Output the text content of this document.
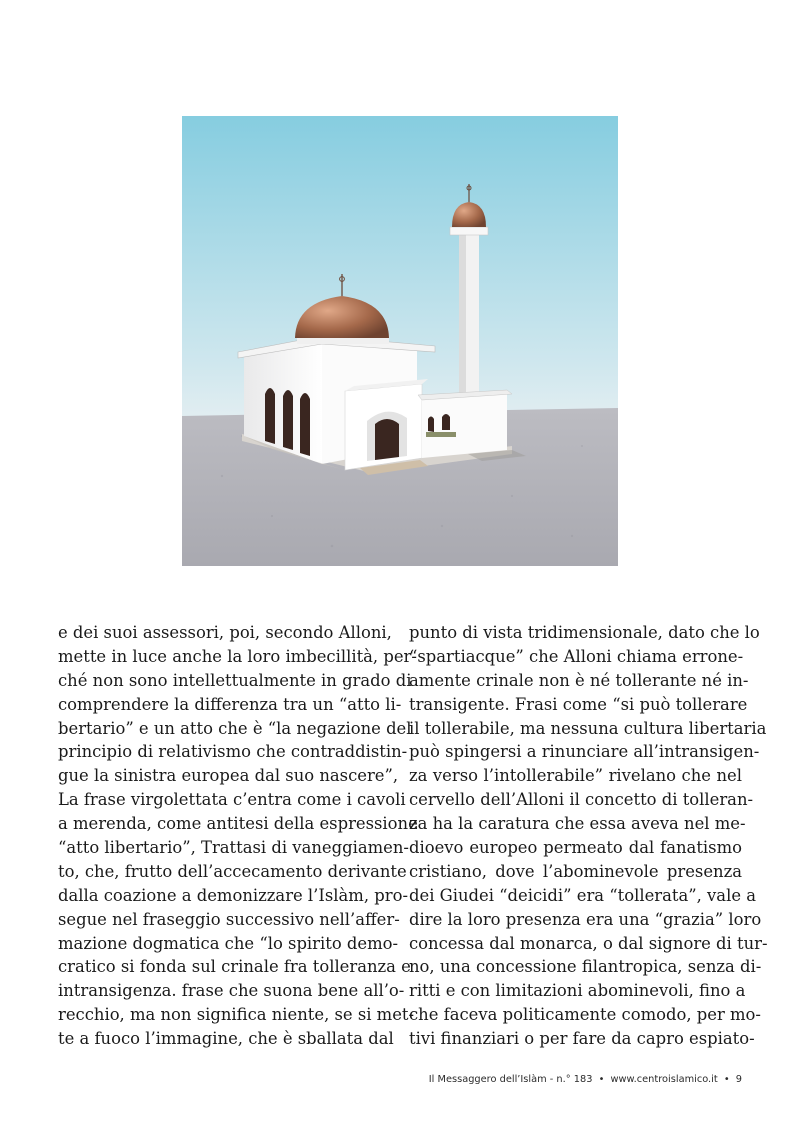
e dei suoi assessori, poi, secondo Alloni,
mette in luce anche la loro imbecillità, per-
ché non sono intellettualmente in grado di
comprendere la differenza tra un “atto li-
bertario” e un atto che è “la negazione del
principio di relativismo che contraddistin-
gue la sinistra europea dal suo nascere”,
La frase virgolettata c’entra come i cavoli
a merenda, come antitesi della espressione
“atto libertario”, Trattasi di vaneggiamen-
to, che, frutto dell’accecamento derivante
dalla coazione a demonizzare l’Islàm, pro-
segue nel fraseggio successivo nell’affer-
mazione dogmatica che “lo spirito demo-
cratico si fonda sul crinale fra tolleranza e
intransigenza. frase che suona bene all’o-
recchio, ma non significa niente, se si met-
te a fuoco l’immagine, che è sballata dal
punto di vista tridimensionale, dato che lo
“spartiacque” che Alloni chiama errone-
amente crinale non è né tollerante né in-
transigente. Frasi come “si può tollerare
il tollerabile, ma nessuna cultura libertaria
può spingersi a rinunciare all’intransigen-
za verso l’intollerabile” rivelano che nel
cervello dell’Alloni il concetto di tolleran-
za ha la caratura che essa aveva nel me-
dioevo europeo permeato dal fanatismo
cristiano, dove l’abominevole presenza
dei Giudei “deicidi” era “tollerata”, vale a
dire la loro presenza era una “grazia” loro
concessa dal monarca, o dal signore di tur-
no, una concessione filantropica, senza di-
ritti e con limitazioni abominevoli, fino a
che faceva politicamente comodo, per mo-
tivi finanziari o per fare da capro espiato-
Il Messaggero dell’Islàm - n.° 183 • www.centroislamico.it • 9
